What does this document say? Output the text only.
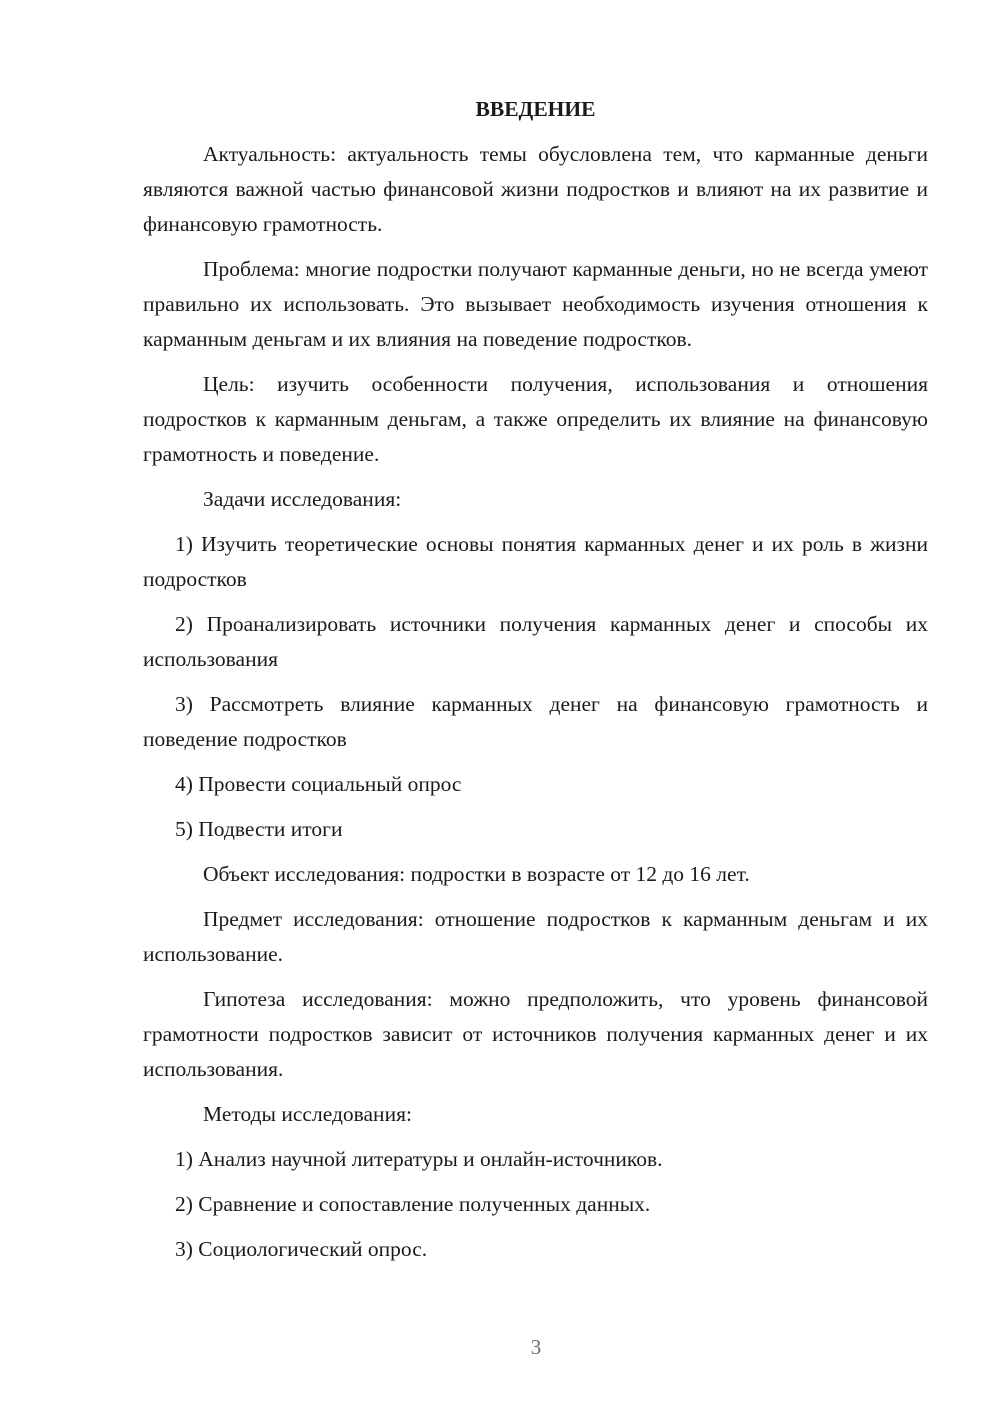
ВВЕДЕНИЕ

Актуальность: актуальность темы обусловлена тем, что карманные деньги являются важной частью финансовой жизни подростков и влияют на их развитие и финансовую грамотность.

Проблема: многие подростки получают карманные деньги, но не всегда умеют правильно их использовать. Это вызывает необходимость изучения отношения к карманным деньгам и их влияния на поведение подростков.

Цель: изучить особенности получения, использования и отношения подростков к карманным деньгам, а также определить их влияние на финансовую грамотность и поведение.

Задачи исследования:

1) Изучить теоретические основы понятия карманных денег и их роль в жизни подростков

2) Проанализировать источники получения карманных денег и способы их использования

3) Рассмотреть влияние карманных денег на финансовую грамотность и поведение подростков

4) Провести социальный опрос

5) Подвести итоги

Объект исследования: подростки в возрасте от 12 до 16 лет.

Предмет исследования: отношение подростков к карманным деньгам и их использование.

Гипотеза исследования: можно предположить, что уровень финансовой грамотности подростков зависит от источников получения карманных денег и их использования.

Методы исследования:

1) Анализ научной литературы и онлайн-источников.

2) Сравнение и сопоставление полученных данных.

3) Социологический опрос.

3
